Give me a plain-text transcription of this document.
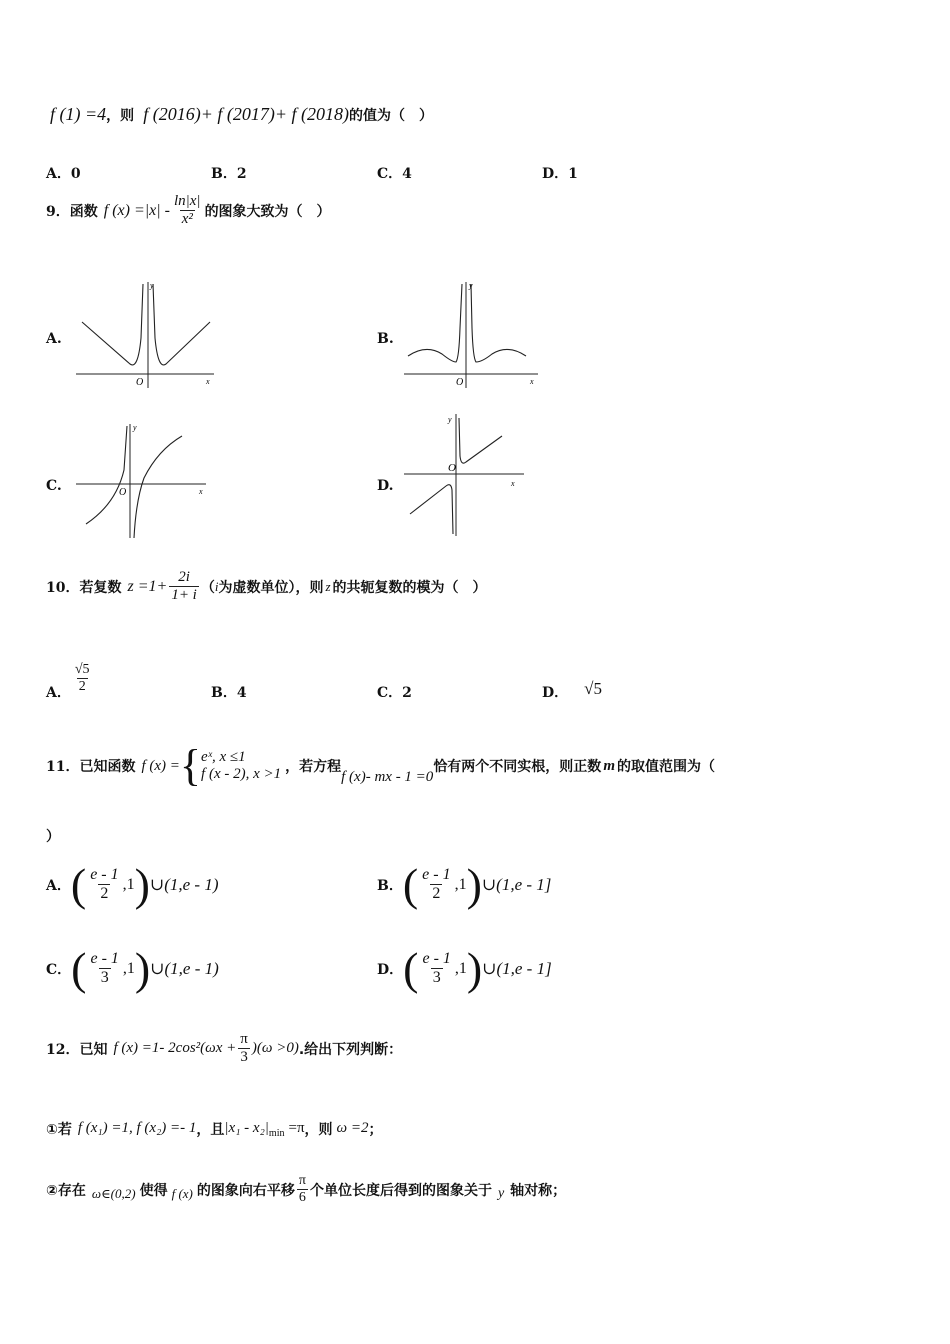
f (1) =4，则 f (2016)+ f (2017)+ f (2018)的值为（　）
A．0	B．2	C．4	D．1
9． 函数 f $(x) =|x| - \frac{\ln|x|}{\text{x²}}$ 的图象大致为（　）
A.	B.
C.	D.
y
x
O
y
x
O
y
x
O
y
x
O
10． 若复数 $z =1+ \frac{2i}{1+ i}$ （ i 为虚数单位），则 z 的共轭复数的模为（　）
A． $\frac{√5}{2}$	B．4	C．2	D． √5
11． 已知函数 f (x) = { eˣ, x ≤1
f (x - 2), x >1 ，若方程
f (x)- mx - 1 =0
恰有两个不同实根，则正数 m 的取值范围为（
）
A． ( $\frac{e - 1}{2} ,1$ ) ∪(1,e - 1)	B． ( $\frac{e - 1}{2} ,1$ ) ∪(1,e - 1]
C． ( $\frac{e - 1}{3} ,1$ ) ∪(1,e - 1)	D． ( $\frac{e - 1}{3} ,1$ ) ∪(1,e - 1]
12． 已知 f (x) =1- $2\cos^2(\omega x + \frac{\pi}{3} )(\omega >0)$ .给出下列判断：
①若 f (x₁) =1, f (x₂) =- 1 ，且 |x₁ - x₂| min =π ，则 ω =2 ；
②存在 ω∈(0,2) 使得 f (x) 的图象向右平移 $\frac{\pi}{6}$ 个单位长度后得到的图象关于 y 轴对称；
